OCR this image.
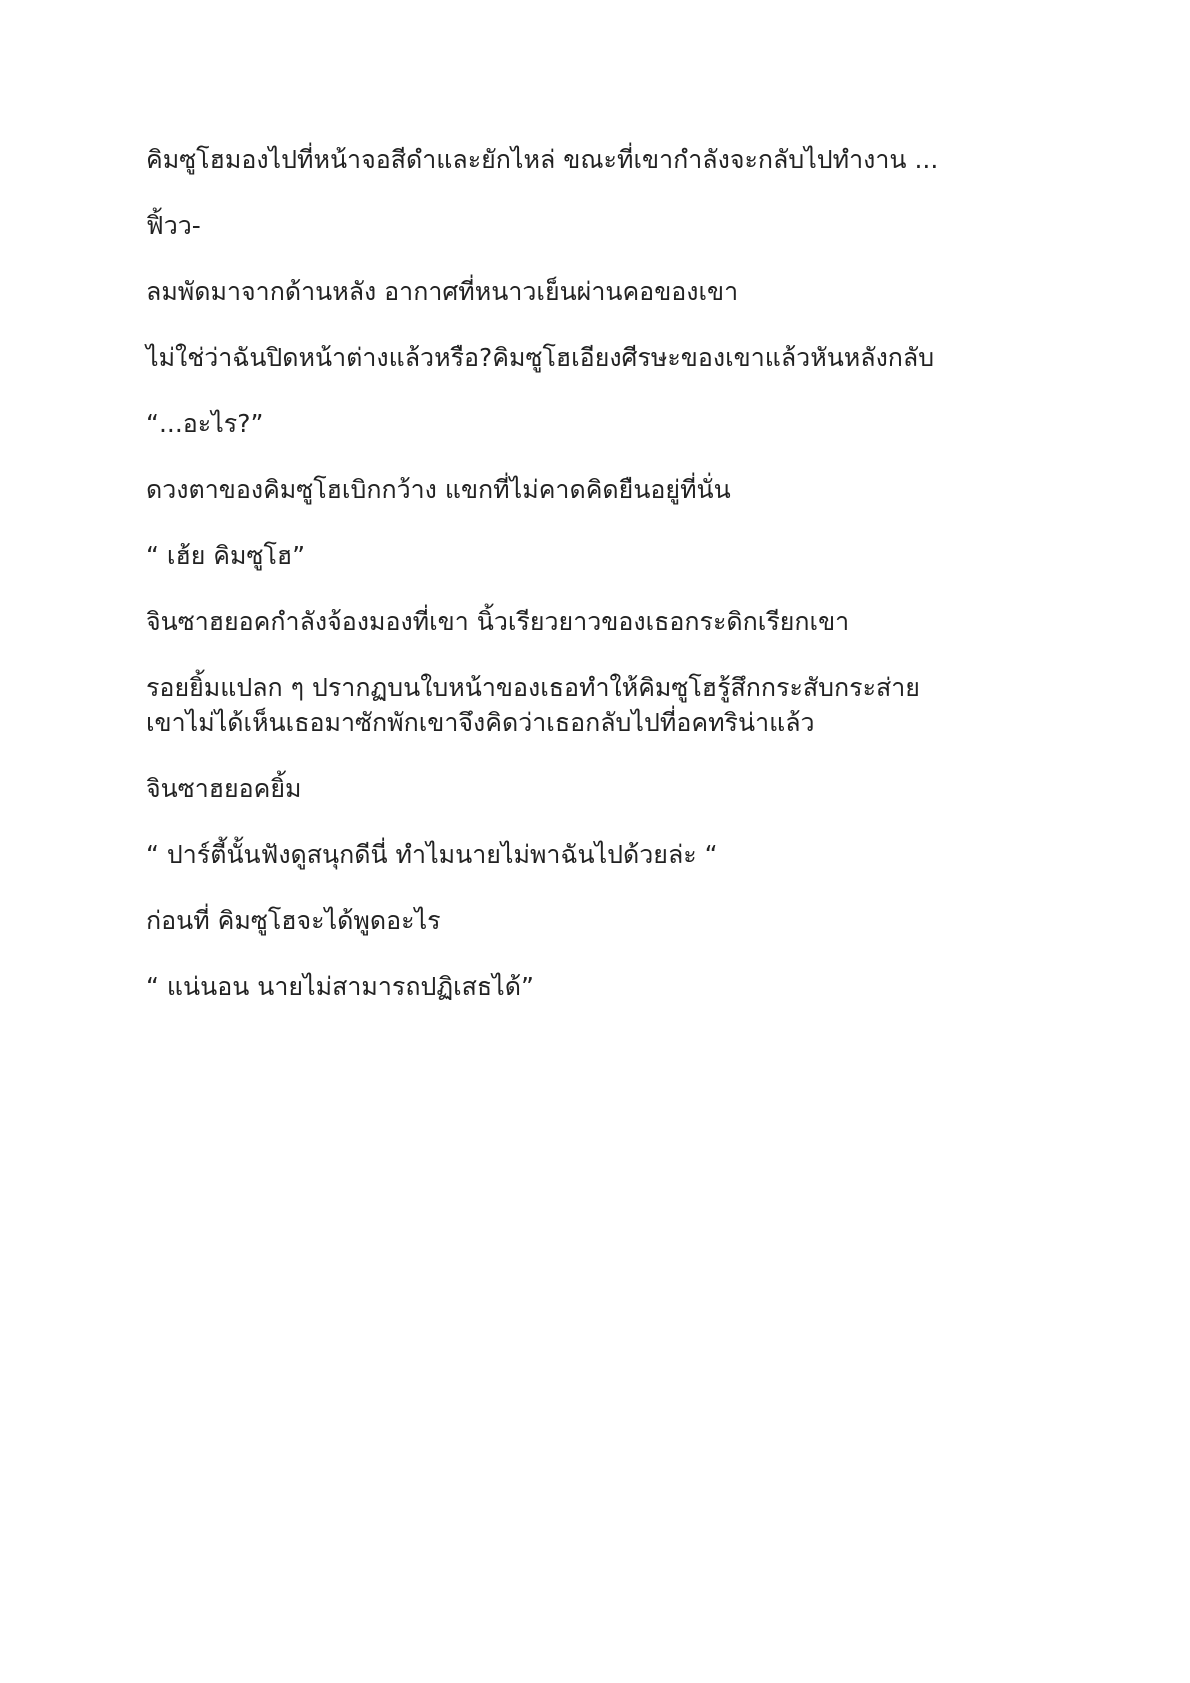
คิมซูโฮมองไปที่หน้าจอสีดำและยักไหล่ ขณะที่เขากำลังจะกลับไปทำงาน ...

ฟิ้วว-

ลมพัดมาจากด้านหลัง อากาศที่หนาวเย็นผ่านคอของเขา

ไม่ใช่ว่าฉันปิดหน้าต่างแล้วหรือ?คิมซูโฮเอียงศีรษะของเขาแล้วหันหลังกลับ

“...อะไร?”

ดวงตาของคิมซูโฮเบิกกว้าง แขกที่ไม่คาดคิดยืนอยู่ที่นั่น

“ เฮ้ย คิมซูโฮ”

จินซาฮยอคกำลังจ้องมองที่เขา นิ้วเรียวยาวของเธอกระดิกเรียกเขา

รอยยิ้มแปลก ๆ ปรากฏบนใบหน้าของเธอทำให้คิมซูโฮรู้สึกกระสับกระส่าย
เขาไม่ได้เห็นเธอมาซักพักเขาจึงคิดว่าเธอกลับไปที่อคทริน่าแล้ว

จินซาฮยอคยิ้ม

“ ปาร์ตี้นั้นฟังดูสนุกดีนี่ ทำไมนายไม่พาฉันไปด้วยล่ะ “

ก่อนที่ คิมซูโฮจะได้พูดอะไร

“ แน่นอน นายไม่สามารถปฏิเสธได้”
